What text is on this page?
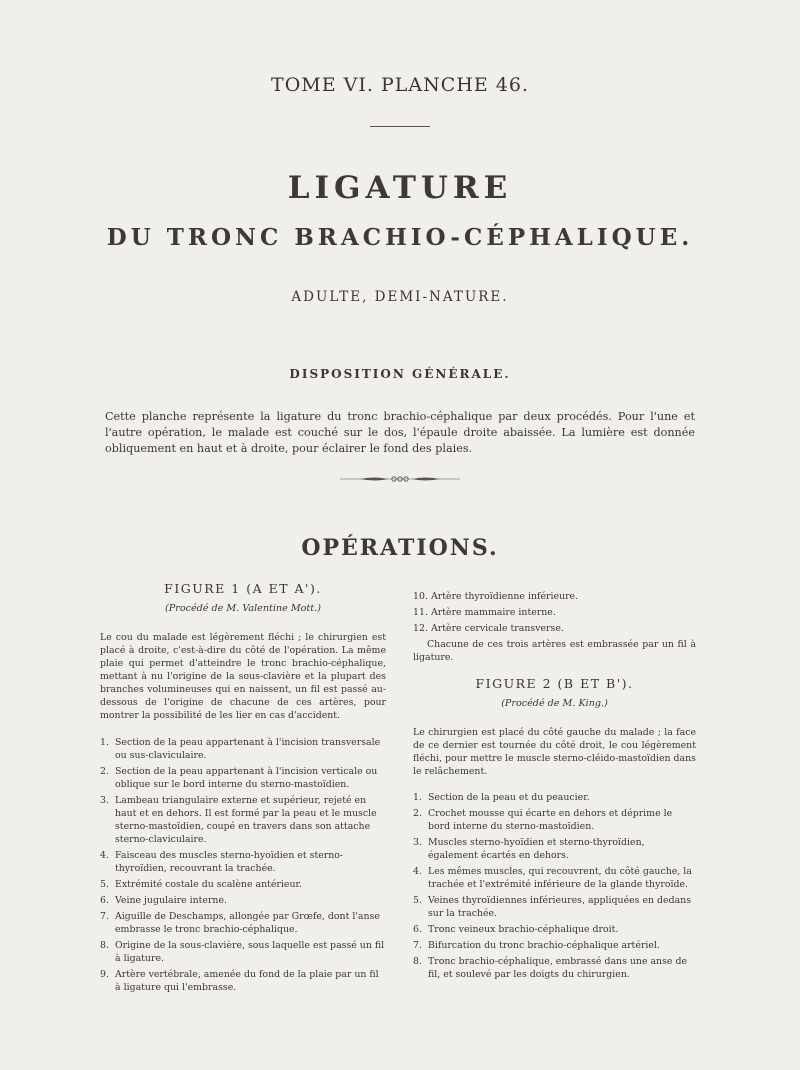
TOME VI. PLANCHE 46.
LIGATURE
DU TRONC BRACHIO-CÉPHALIQUE.
ADULTE, DEMI-NATURE.
DISPOSITION GÉNÉRALE.

Cette planche représente la ligature du tronc brachio-céphalique par deux procédés. Pour l'une et l'autre opération, le malade est couché sur le dos, l'épaule droite abaissée. La lumière est donnée obliquement en haut et à droite, pour éclairer le fond des plaies.

OPÉRATIONS.

FIGURE 1 (A ET A').

(Procédé de M. Valentine Mott.)

Le cou du malade est légèrement fléchi ; le chirurgien est placé à droite, c'est-à-dire du côté de l'opération. La même plaie qui permet d'atteindre le tronc brachio-céphalique, mettant à nu l'origine de la sous-clavière et la plupart des branches volumineuses qui en naissent, un fil est passé au-dessous de l'origine de chacune de ces artères, pour montrer la possibilité de les lier en cas d'accident.

1. Section de la peau appartenant à l'incision transversale ou sus-claviculaire.
2. Section de la peau appartenant à l'incision verticale ou oblique sur le bord interne du sterno-mastoïdien.
3. Lambeau triangulaire externe et supérieur, rejeté en haut et en dehors. Il est formé par la peau et le muscle sterno-mastoïdien, coupé en travers dans son attache sterno-claviculaire.
4. Faisceau des muscles sterno-hyoïdien et sterno-thyroïdien, recouvrant la trachée.
5. Extrémité costale du scalène antérieur.
6. Veine jugulaire interne.
7. Aiguille de Deschamps, allongée par Grœfe, dont l'anse embrasse le tronc brachio-céphalique.
8. Origine de la sous-clavière, sous laquelle est passé un fil à ligature.
9. Artère vertébrale, amenée du fond de la plaie par un fil à ligature qui l'embrasse.
10. Artère thyroïdienne inférieure.
11. Artère mammaire interne.
12. Artère cervicale transverse.

Chacune de ces trois artères est embrassée par un fil à ligature.

FIGURE 2 (B ET B').

(Procédé de M. King.)

Le chirurgien est placé du côté gauche du malade ; la face de ce dernier est tournée du côté droit, le cou légèrement fléchi, pour mettre le muscle sterno-cléido-mastoïdien dans le relâchement.

1. Section de la peau et du peaucier.
2. Crochet mousse qui écarte en dehors et déprime le bord interne du sterno-mastoïdien.
3. Muscles sterno-hyoïdien et sterno-thyroïdien, également écartés en dehors.
4. Les mêmes muscles, qui recouvrent, du côté gauche, la trachée et l'extrémité inférieure de la glande thyroïde.
5. Veines thyroïdiennes inférieures, appliquées en dedans sur la trachée.
6. Tronc veineux brachio-céphalique droit.
7. Bifurcation du tronc brachio-céphalique artériel.
8. Tronc brachio-céphalique, embrassé dans une anse de fil, et soulevé par les doigts du chirurgien.
